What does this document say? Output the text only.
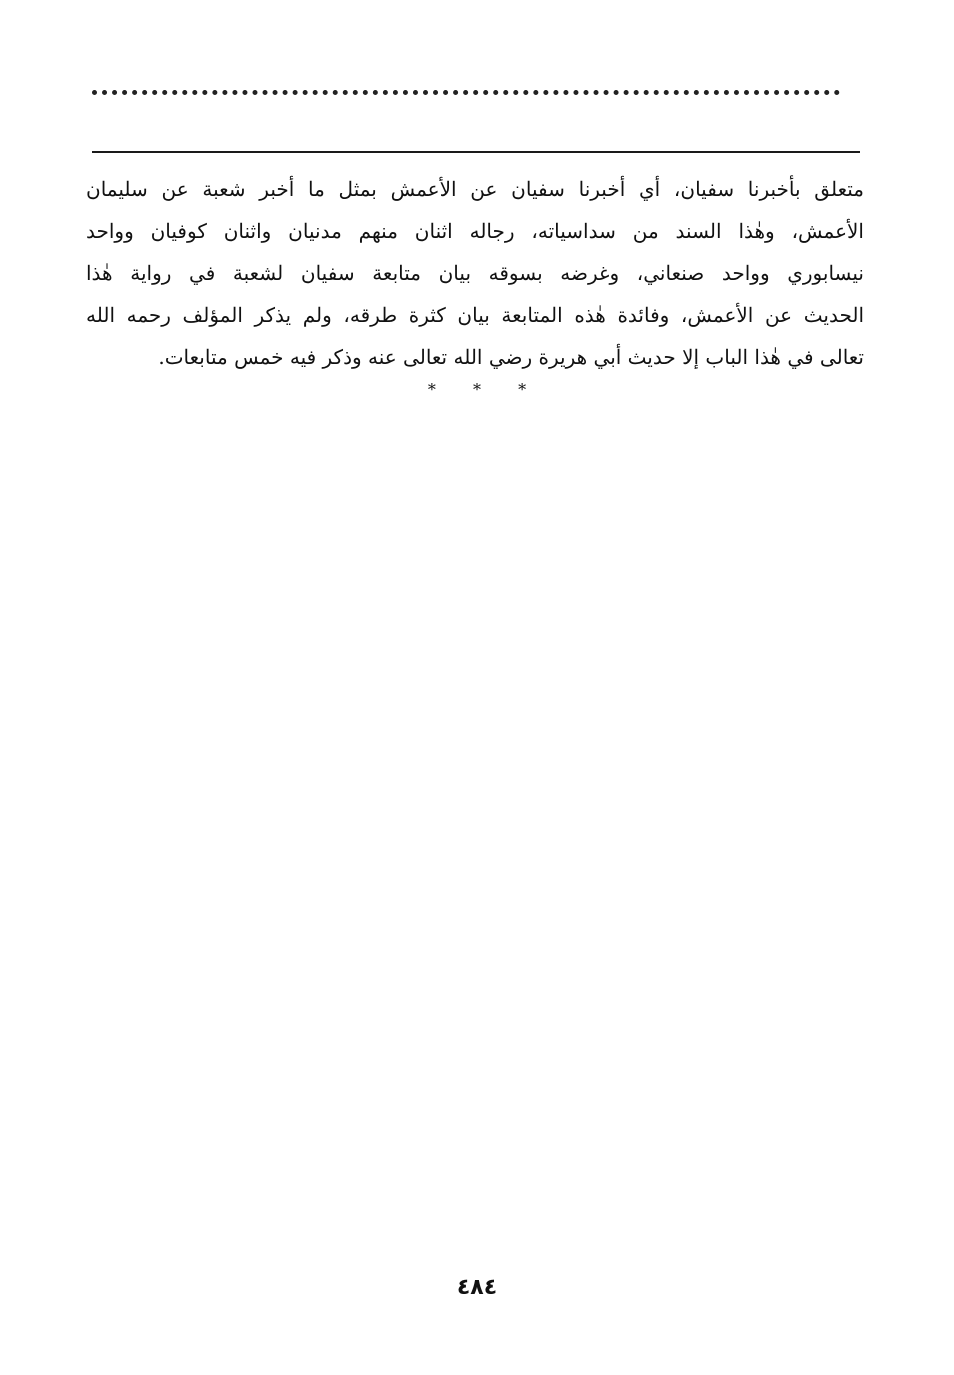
متعلق بأخبرنا سفيان، أي أخبرنا سفيان عن الأعمش بمثل ما أخبر شعبة عن سليمان
الأعمش، وهٰذا السند من سداسياته، رجاله اثنان منهم مدنيان واثنان كوفيان وواحد
نيسابوري وواحد صنعاني، وغرضه بسوقه بيان متابعة سفيان لشعبة في رواية هٰذا
الحديث عن الأعمش، وفائدة هٰذه المتابعة بيان كثرة طرقه، ولم يذكر المؤلف رحمه الله
تعالى في هٰذا الباب إلا حديث أبي هريرة رضي الله تعالى عنه وذكر فيه خمس متابعات.
* * *
٤٨٤
